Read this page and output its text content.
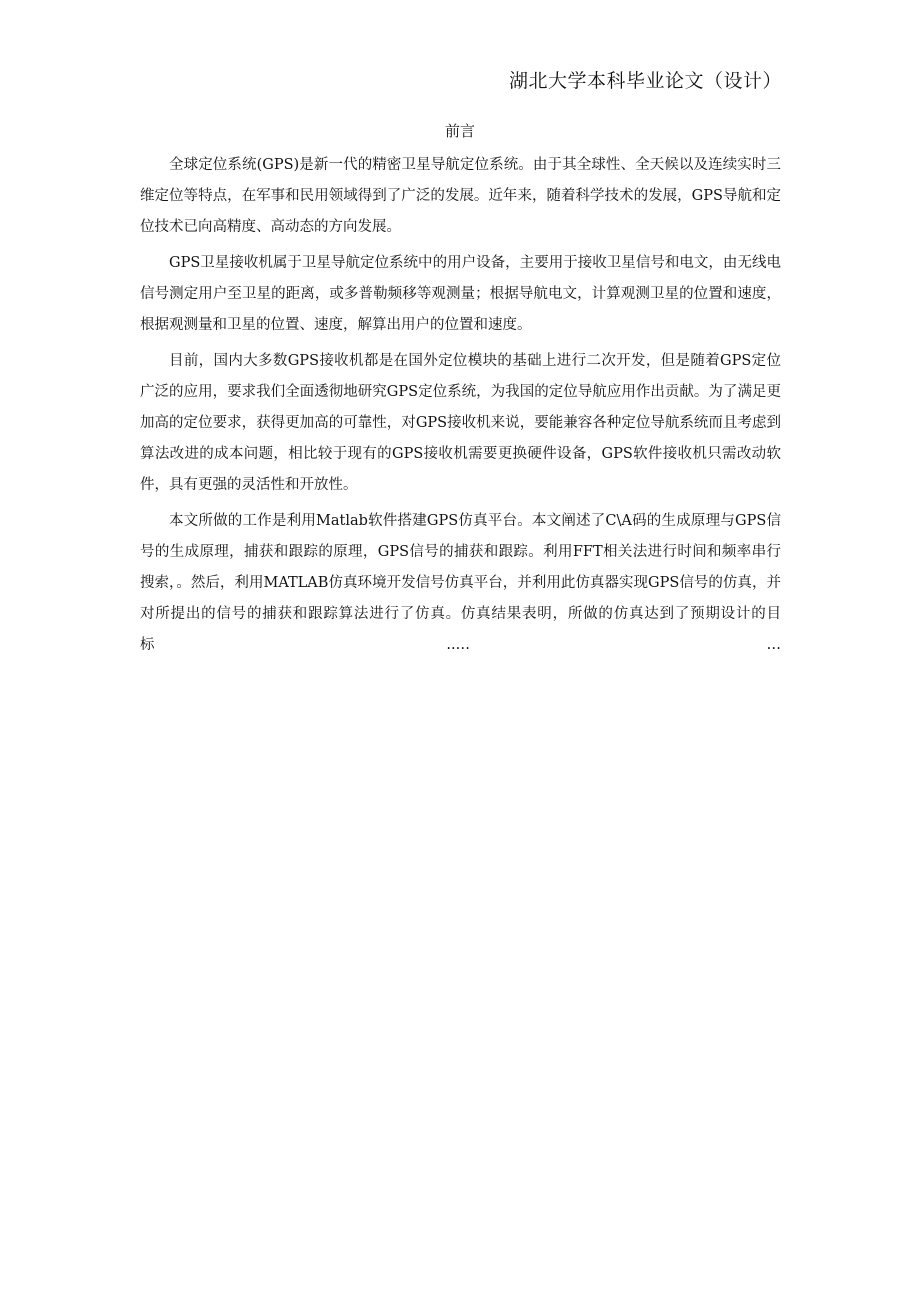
湖北大学本科毕业论文（设计）
前言

全球定位系统(GPS)是新一代的精密卫星导航定位系统。由于其全球性、全天候以及连续实时三维定位等特点，在军事和民用领域得到了广泛的发展。近年来，随着科学技术的发展，GPS导航和定位技术已向高精度、高动态的方向发展。

GPS卫星接收机属于卫星导航定位系统中的用户设备，主要用于接收卫星信号和电文，由无线电信号测定用户至卫星的距离，或多普勒频移等观测量；根据导航电文，计算观测卫星的位置和速度，根据观测量和卫星的位置、速度，解算出用户的位置和速度。

目前，国内大多数GPS接收机都是在国外定位模块的基础上进行二次开发，但是随着GPS定位广泛的应用，要求我们全面透彻地研究GPS定位系统，为我国的定位导航应用作出贡献。为了满足更加高的定位要求，获得更加高的可靠性，对GPS接收机来说，要能兼容各种定位导航系统而且考虑到算法改进的成本问题，相比较于现有的GPS接收机需要更换硬件设备，GPS软件接收机只需改动软件，具有更强的灵活性和开放性。

本文所做的工作是利用Matlab软件搭建GPS仿真平台。本文阐述了C\A码的生成原理与GPS信号的生成原理，捕获和跟踪的原理，GPS信号的捕获和跟踪。利用FFT相关法进行时间和频率串行搜索，。然后，利用MATLAB仿真环境开发信号仿真平台，并利用此仿真器实现GPS信号的仿真，并对所提出的信号的捕获和跟踪算法进行了仿真。仿真结果表明，所做的仿真达到了预期设计的目标..… …
